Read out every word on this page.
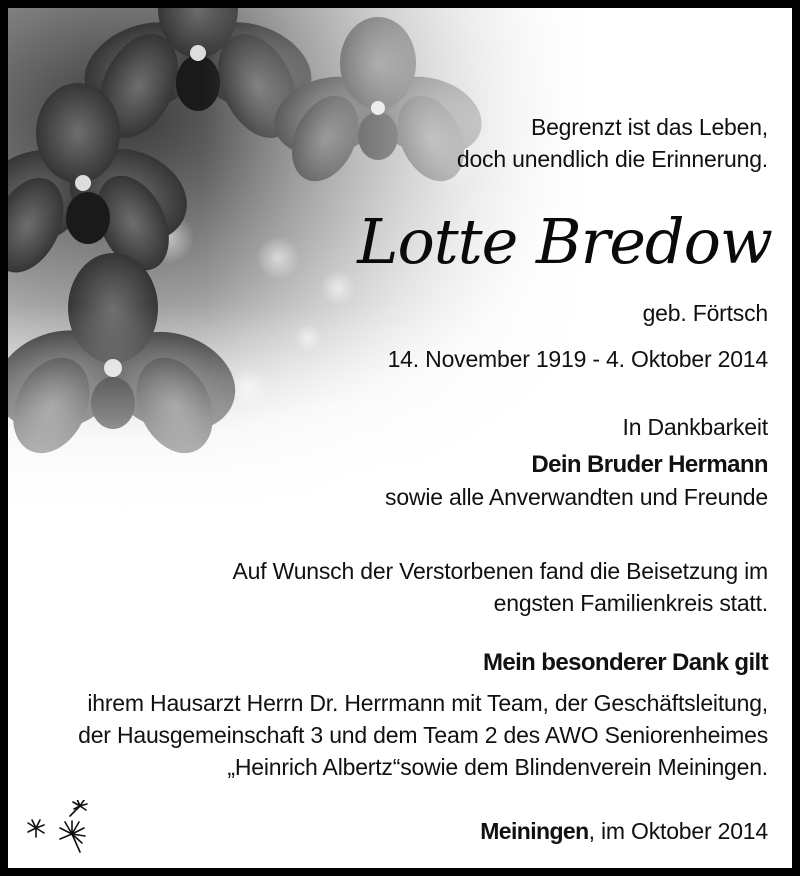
Begrenzt ist das Leben,
doch unendlich die Erinnerung.
Lotte Bredow
geb. Förtsch
14. November 1919 - 4. Oktober 2014
In Dankbarkeit
Dein Bruder Hermann
sowie alle Anverwandten und Freunde
Auf Wunsch der Verstorbenen fand die Beisetzung im
engsten Familienkreis statt.
Mein besonderer Dank gilt
ihrem Hausarzt Herrn Dr. Herrmann mit Team, der Geschäftsleitung,
der Hausgemeinschaft 3 und dem Team 2 des AWO Seniorenheimes
„Heinrich Albertz“sowie dem Blindenverein Meiningen.
Meiningen, im Oktober 2014
